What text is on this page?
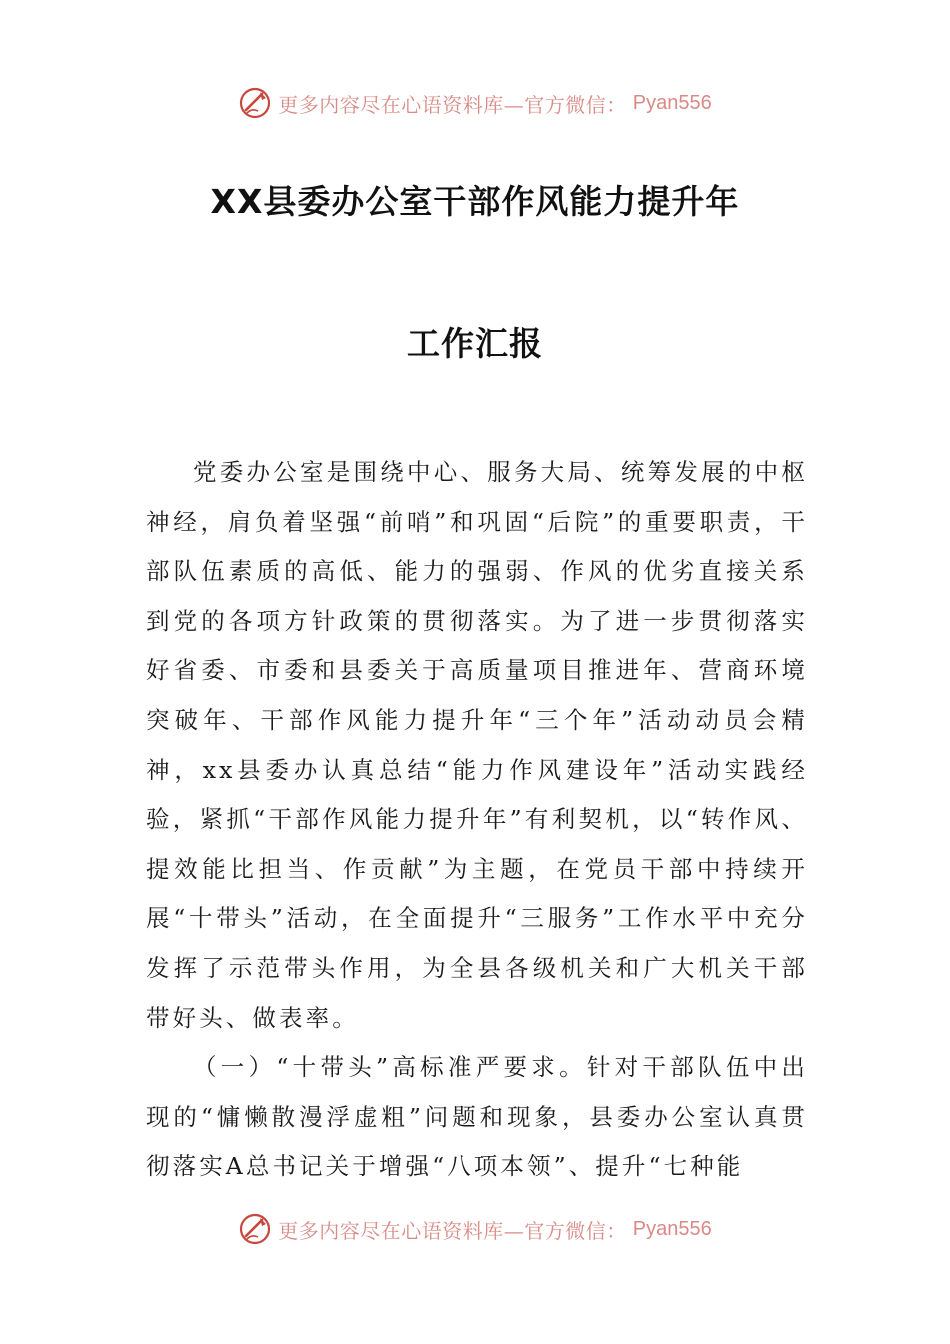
更多内容尽在心语资料库—官方微信： Pyan556
XX县委办公室干部作风能力提升年
工作汇报

党委办公室是围绕中心、服务大局、统筹发展的中枢神经，肩负着坚强“前哨”和巩固“后院”的重要职责，干部队伍素质的高低、能力的强弱、作风的优劣直接关系到党的各项方针政策的贯彻落实。为了进一步贯彻落实好省委、市委和县委关于高质量项目推进年、营商环境突破年、干部作风能力提升年“三个年”活动动员会精神，xx县委办认真总结“能力作风建设年”活动实践经验，紧抓“干部作风能力提升年”有利契机，以“转作风、提效能比担当、作贡献”为主题，在党员干部中持续开展“十带头”活动，在全面提升“三服务”工作水平中充分发挥了示范带头作用，为全县各级机关和广大机关干部带好头、做表率。

（一）“十带头”高标准严要求。针对干部队伍中出现的“慵懒散漫浮虚粗”问题和现象，县委办公室认真贯彻落实A总书记关于增强“八项本领”、提升“七种能

更多内容尽在心语资料库—官方微信： Pyan556
